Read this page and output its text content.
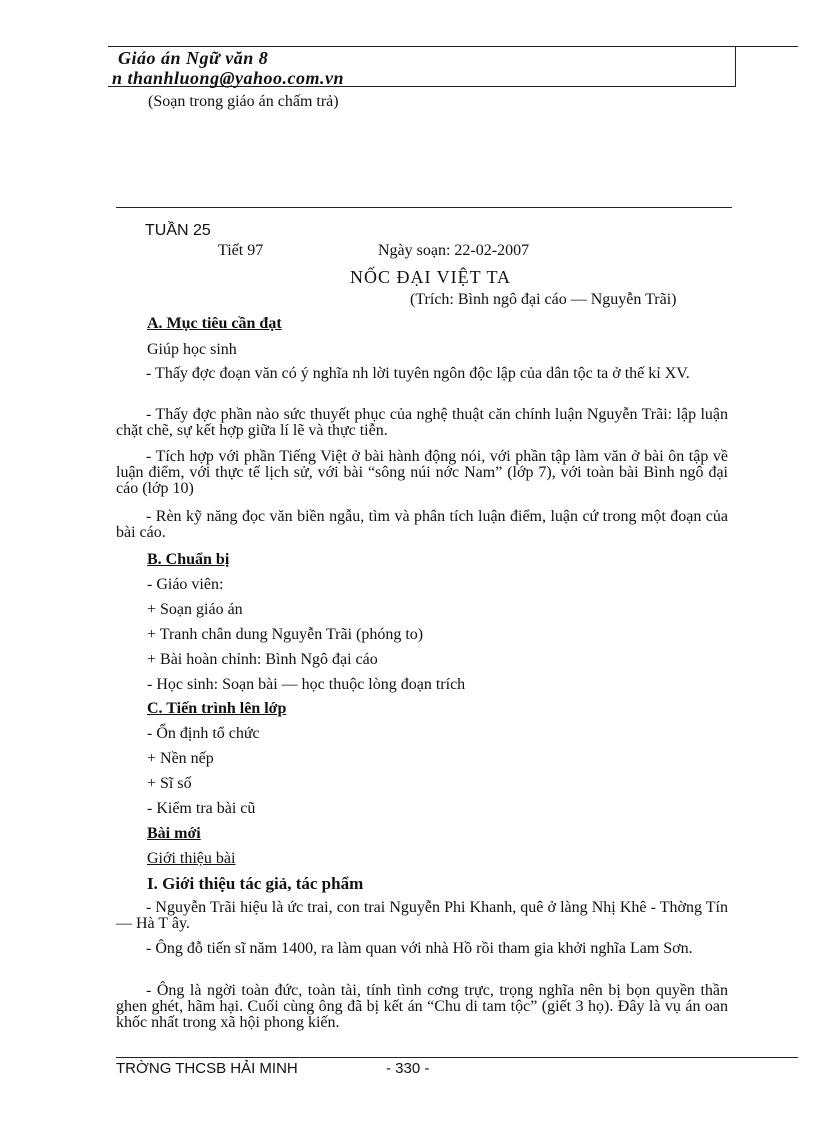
Giáo án Ngữ văn 8
n thanhluong@yahoo.com.vn
(Soạn trong giáo án chấm trả)
TUẦN 25
Tiết 97	Ngày soạn: 22-02-2007
NỐC ĐẠI VIỆT TA
(Trích: Bình ngô đại cáo — Nguyễn Trãi)
A. Mục tiêu cần đạt
Giúp học sinh
- Thấy đợc đoạn văn có ý nghĩa nh lời tuyên ngôn độc lập của dân tộc ta ở thế kỉ XV.
- Thấy đợc phần nào sức thuyết phục của nghệ thuật căn chính luận Nguyễn Trãi: lập luận chặt chẽ, sự kết hợp giữa lí lẽ và thực tiễn.
- Tích hợp với phần Tiếng Việt ở bài hành động nói, với phần tập làm văn ở bài ôn tập về luận điểm, với thực tế lịch sử, với bài “sông núi nớc Nam” (lớp 7), với toàn bài Bình ngô đại cáo (lớp 10)
- Rèn kỹ năng đọc văn biền ngẫu, tìm và phân tích luận điểm, luận cứ trong một đoạn của bài cáo.
B. Chuẩn bị
- Giáo viên:
+ Soạn giáo án
+ Tranh chân dung Nguyễn Trãi (phóng to)
+ Bài hoàn chỉnh: Bình Ngô đại cáo
- Học sinh: Soạn bài — học thuộc lòng đoạn trích
C. Tiến trình lên lớp
- Ổn định tổ chức
+ Nền nếp
+ Sĩ số
- Kiểm tra bài cũ
Bài mới
Giới thiệu bài
I. Giới thiệu tác giả, tác phẩm
- Nguyễn Trãi hiệu là ức trai, con trai Nguyễn Phi Khanh, quê ở làng Nhị Khê - Thờng Tín — Hà T ây.
- Ông đỗ tiến sĩ năm 1400, ra làm quan với nhà Hồ rồi tham gia khởi nghĩa Lam Sơn.
- Ông là ngời toàn đức, toàn tài, tính tình cơng trực, trọng nghĩa nên bị bọn quyền thần ghen ghét, hãm hại. Cuối cùng ông đã bị kết án “Chu di tam tộc” (giết 3 họ). Đây là vụ án oan khốc nhất trong xã hội phong kiến.
TRỜNG THCSB HẢI MINH	- 330 -
